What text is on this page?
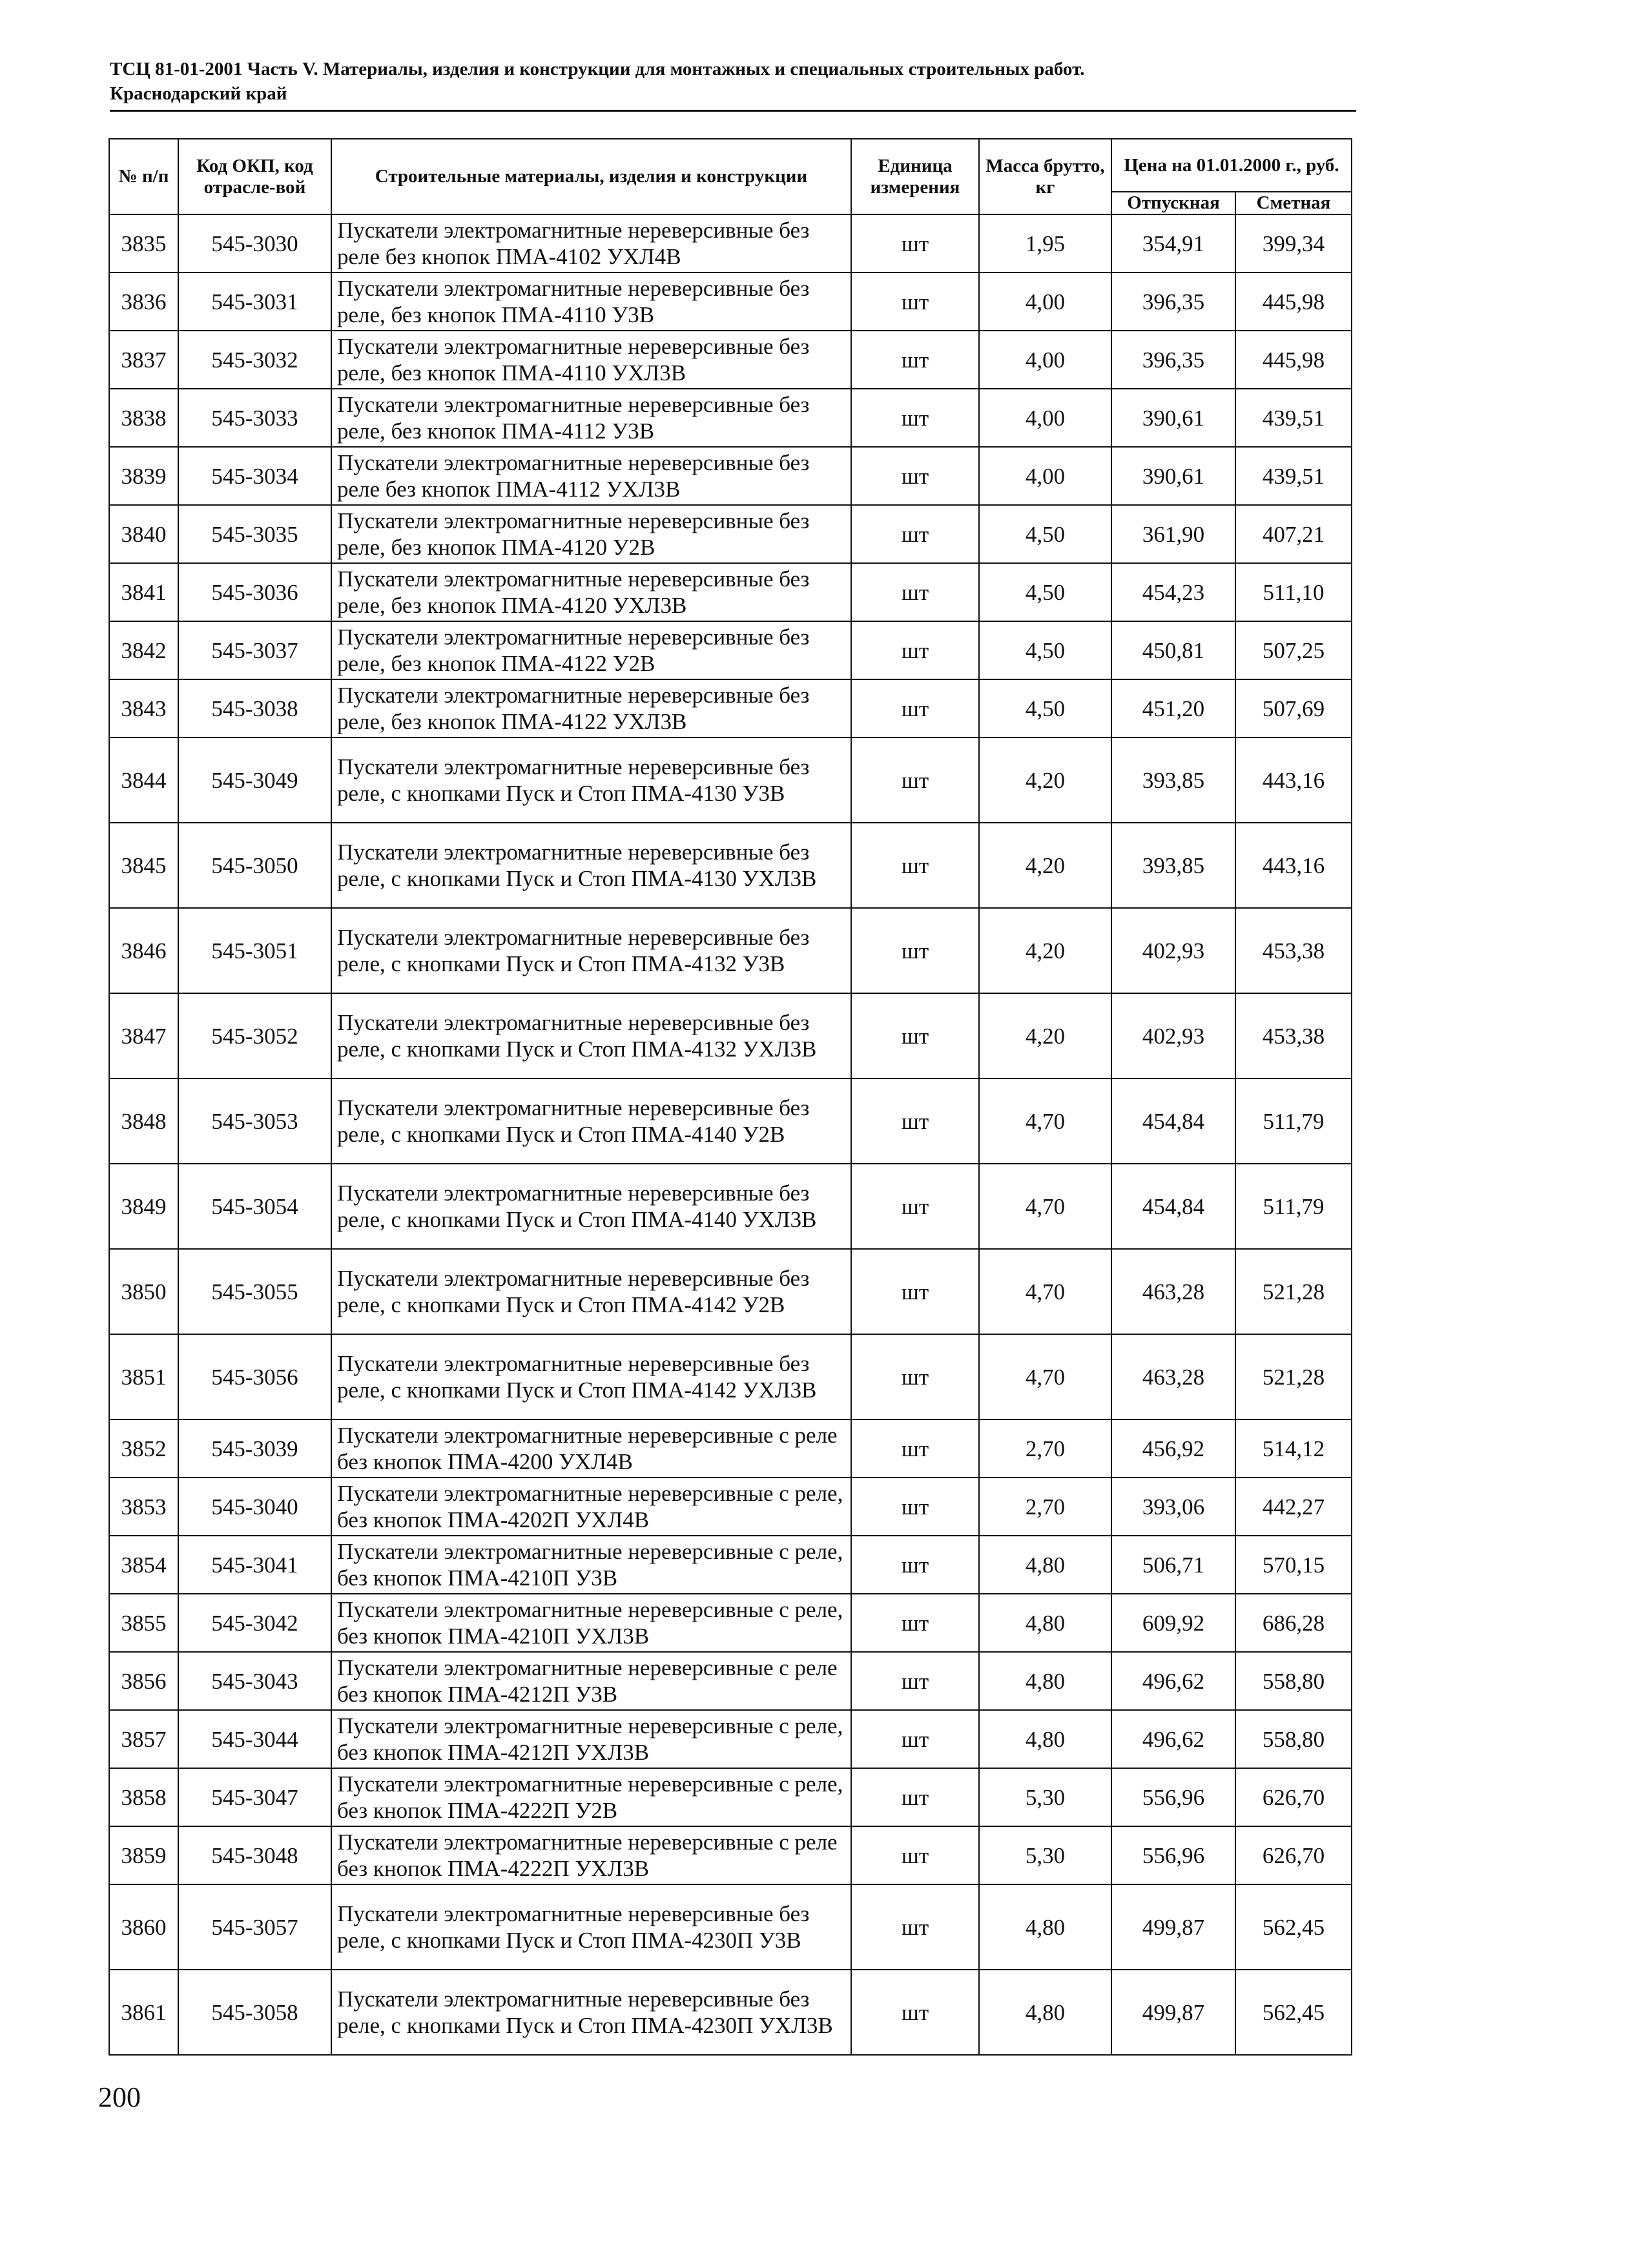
ТСЦ 81-01-2001 Часть V. Материалы, изделия и конструкции для монтажных и специальных строительных работ.
Краснодарский край
№ п/п	Код ОКП, код отрасле-вой	Строительные материалы, изделия и конструкции	Единица измерения	Масса брутто, кг	Цена на 01.01.2000 г., руб.	
					Отпускная	Сметная
3835	545-3030	Пускатели электромагнитные нереверсивные без реле без кнопок ПМА-4102 УХЛ4В	шт	1,95	354,91	399,34
3836	545-3031	Пускатели электромагнитные нереверсивные без реле, без кнопок ПМА-4110 У3В	шт	4,00	396,35	445,98
3837	545-3032	Пускатели электромагнитные нереверсивные без реле, без кнопок ПМА-4110 УХЛ3В	шт	4,00	396,35	445,98
3838	545-3033	Пускатели электромагнитные нереверсивные без реле, без кнопок ПМА-4112 У3В	шт	4,00	390,61	439,51
3839	545-3034	Пускатели электромагнитные нереверсивные без реле без кнопок ПМА-4112 УХЛ3В	шт	4,00	390,61	439,51
3840	545-3035	Пускатели электромагнитные нереверсивные без реле, без кнопок ПМА-4120 У2В	шт	4,50	361,90	407,21
3841	545-3036	Пускатели электромагнитные нереверсивные без реле, без кнопок ПМА-4120 УХЛ3В	шт	4,50	454,23	511,10
3842	545-3037	Пускатели электромагнитные нереверсивные без реле, без кнопок ПМА-4122 У2В	шт	4,50	450,81	507,25
3843	545-3038	Пускатели электромагнитные нереверсивные без реле, без кнопок ПМА-4122 УХЛ3В	шт	4,50	451,20	507,69
3844	545-3049	Пускатели электромагнитные нереверсивные без реле, с кнопками Пуск и Стоп ПМА-4130 У3В	шт	4,20	393,85	443,16
3845	545-3050	Пускатели электромагнитные нереверсивные без реле, с кнопками Пуск и Стоп ПМА-4130 УХЛ3В	шт	4,20	393,85	443,16
3846	545-3051	Пускатели электромагнитные нереверсивные без реле, с кнопками Пуск и Стоп ПМА-4132 У3В	шт	4,20	402,93	453,38
3847	545-3052	Пускатели электромагнитные нереверсивные без реле, с кнопками Пуск и Стоп ПМА-4132 УХЛ3В	шт	4,20	402,93	453,38
3848	545-3053	Пускатели электромагнитные нереверсивные без реле, с кнопками Пуск и Стоп ПМА-4140 У2В	шт	4,70	454,84	511,79
3849	545-3054	Пускатели электромагнитные нереверсивные без реле, с кнопками Пуск и Стоп ПМА-4140 УХЛ3В	шт	4,70	454,84	511,79
3850	545-3055	Пускатели электромагнитные нереверсивные без реле, с кнопками Пуск и Стоп ПМА-4142 У2В	шт	4,70	463,28	521,28
3851	545-3056	Пускатели электромагнитные нереверсивные без реле, с кнопками Пуск и Стоп ПМА-4142 УХЛ3В	шт	4,70	463,28	521,28
3852	545-3039	Пускатели электромагнитные нереверсивные с реле без кнопок ПМА-4200 УХЛ4В	шт	2,70	456,92	514,12
3853	545-3040	Пускатели электромагнитные нереверсивные с реле, без кнопок ПМА-4202П УХЛ4В	шт	2,70	393,06	442,27
3854	545-3041	Пускатели электромагнитные нереверсивные с реле, без кнопок ПМА-4210П У3В	шт	4,80	506,71	570,15
3855	545-3042	Пускатели электромагнитные нереверсивные с реле, без кнопок ПМА-4210П УХЛ3В	шт	4,80	609,92	686,28
3856	545-3043	Пускатели электромагнитные нереверсивные с реле без кнопок ПМА-4212П У3В	шт	4,80	496,62	558,80
3857	545-3044	Пускатели электромагнитные нереверсивные с реле, без кнопок ПМА-4212П УХЛ3В	шт	4,80	496,62	558,80
3858	545-3047	Пускатели электромагнитные нереверсивные с реле, без кнопок ПМА-4222П У2В	шт	5,30	556,96	626,70
3859	545-3048	Пускатели электромагнитные нереверсивные с реле без кнопок ПМА-4222П УХЛ3В	шт	5,30	556,96	626,70
3860	545-3057	Пускатели электромагнитные нереверсивные без реле, с кнопками Пуск и Стоп ПМА-4230П У3В	шт	4,80	499,87	562,45
3861	545-3058	Пускатели электромагнитные нереверсивные без реле, с кнопками Пуск и Стоп ПМА-4230П УХЛ3В	шт	4,80	499,87	562,45
200
